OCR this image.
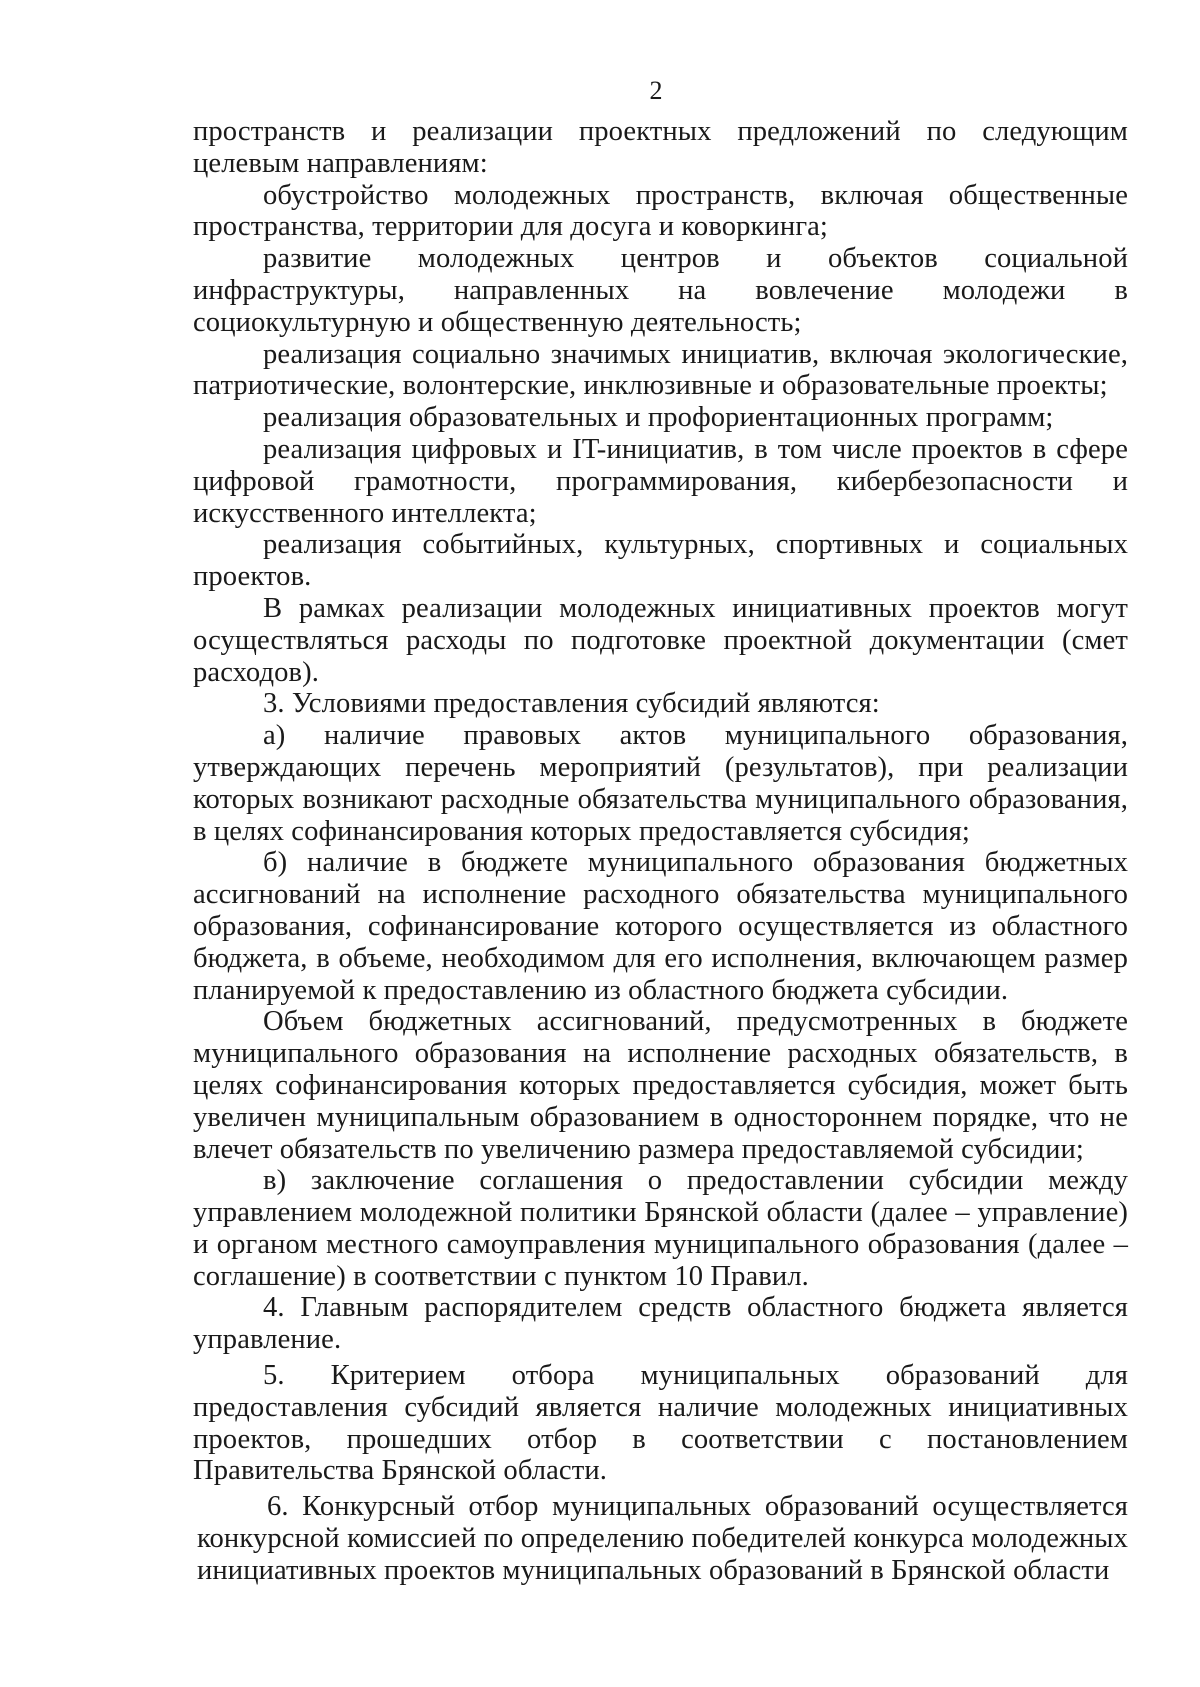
2

пространств и реализации проектных предложений по следующим целевым направлениям:

обустройство молодежных пространств, включая общественные пространства, территории для досуга и коворкинга;

развитие молодежных центров и объектов социальной инфраструктуры, направленных на вовлечение молодежи в социокультурную и общественную деятельность;

реализация социально значимых инициатив, включая экологические, патриотические, волонтерские, инклюзивные и образовательные проекты;

реализация образовательных и профориентационных программ;

реализация цифровых и IT-инициатив, в том числе проектов в сфере цифровой грамотности, программирования, кибербезопасности и искусственного интеллекта;

реализация событийных, культурных, спортивных и социальных проектов.

В рамках реализации молодежных инициативных проектов могут осуществляться расходы по подготовке проектной документации (смет расходов).

3. Условиями предоставления субсидий являются:

а) наличие правовых актов муниципального образования, утверждающих перечень мероприятий (результатов), при реализации которых возникают расходные обязательства муниципального образования, в целях софинансирования которых предоставляется субсидия;

б) наличие в бюджете муниципального образования бюджетных ассигнований на исполнение расходного обязательства муниципального образования, софинансирование которого осуществляется из областного бюджета, в объеме, необходимом для его исполнения, включающем размер планируемой к предоставлению из областного бюджета субсидии.

Объем бюджетных ассигнований, предусмотренных в бюджете муниципального образования на исполнение расходных обязательств, в целях софинансирования которых предоставляется субсидия, может быть увеличен муниципальным образованием в одностороннем порядке, что не влечет обязательств по увеличению размера предоставляемой субсидии;

в) заключение соглашения о предоставлении субсидии между управлением молодежной политики Брянской области (далее – управление) и органом местного самоуправления муниципального образования (далее – соглашение) в соответствии с пунктом 10 Правил.

4. Главным распорядителем средств областного бюджета является управление.

5. Критерием отбора муниципальных образований для предоставления субсидий является наличие молодежных инициативных проектов, прошедших отбор в соответствии с постановлением Правительства Брянской области.

6. Конкурсный отбор муниципальных образований осуществляется конкурсной комиссией по определению победителей конкурса молодежных инициативных проектов муниципальных образований в Брянской области
